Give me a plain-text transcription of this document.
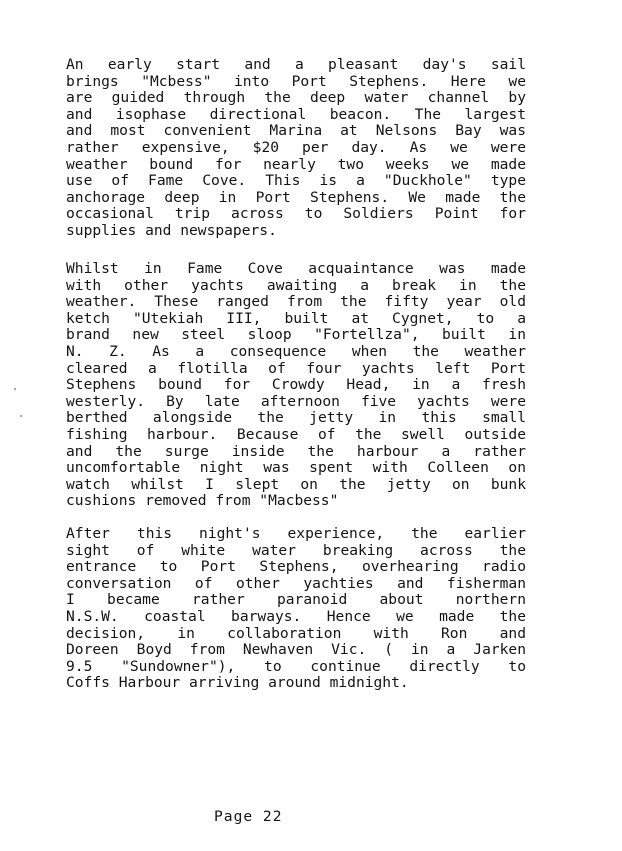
An early start and a pleasant day's sail
brings "Mcbess" into Port Stephens. Here we
are guided through the deep water channel by
and isophase directional beacon. The largest
and most convenient Marina at Nelsons Bay was
rather expensive, $20 per day. As we were
weather bound for nearly two weeks we made
use of Fame Cove. This is a "Duckhole" type
anchorage deep in Port Stephens. We made the
occasional trip across to Soldiers Point for
supplies and newspapers.
Whilst in Fame Cove acquaintance was made
with other yachts awaiting a break in the
weather. These ranged from the fifty year old
ketch "Utekiah III, built at Cygnet, to a
brand new steel sloop "Fortellza", built in
N. Z. As a consequence when the weather
cleared a flotilla of four yachts left Port
Stephens bound for Crowdy Head, in a fresh
westerly. By late afternoon five yachts were
berthed alongside the jetty in this small
fishing harbour. Because of the swell outside
and the surge inside the harbour a rather
uncomfortable night was spent with Colleen on
watch whilst I slept on the jetty on bunk
cushions removed from "Macbess"
After this night's experience, the earlier
sight of white water breaking across the
entrance to Port Stephens, overhearing radio
conversation of other yachties and fisherman
I became rather paranoid about northern
N.S.W. coastal barways. Hence we made the
decision, in collaboration with Ron and
Doreen Boyd from Newhaven Vic. ( in a Jarken
9.5 "Sundowner"), to continue directly to
Coffs Harbour arriving around midnight.
Page 22
